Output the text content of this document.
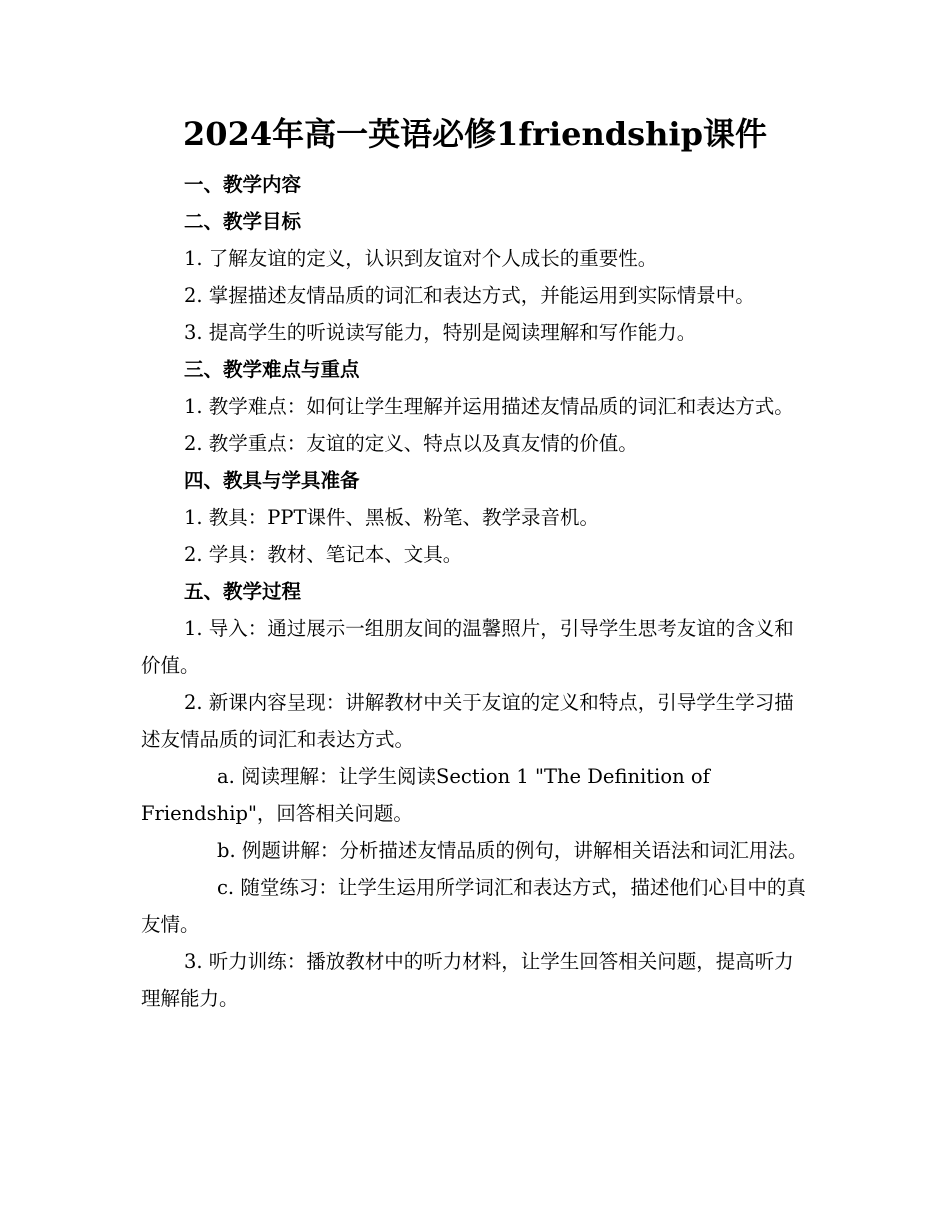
2024年高一英语必修1friendship课件

一、教学内容

二、教学目标

1. 了解友谊的定义，认识到友谊对个人成长的重要性。

2. 掌握描述友情品质的词汇和表达方式，并能运用到实际情景中。

3. 提高学生的听说读写能力，特别是阅读理解和写作能力。

三、教学难点与重点

1. 教学难点：如何让学生理解并运用描述友情品质的词汇和表达方式。

2. 教学重点：友谊的定义、特点以及真友情的价值。

四、教具与学具准备

1. 教具：PPT课件、黑板、粉笔、教学录音机。

2. 学具：教材、笔记本、文具。

五、教学过程

1. 导入：通过展示一组朋友间的温馨照片，引导学生思考友谊的含义和价值。

2. 新课内容呈现：讲解教材中关于友谊的定义和特点，引导学生学习描述友情品质的词汇和表达方式。

a. 阅读理解：让学生阅读Section 1 "The Definition of Friendship"，回答相关问题。

b. 例题讲解：分析描述友情品质的例句，讲解相关语法和词汇用法。

c. 随堂练习：让学生运用所学词汇和表达方式，描述他们心目中的真友情。

3. 听力训练：播放教材中的听力材料，让学生回答相关问题，提高听力理解能力。
